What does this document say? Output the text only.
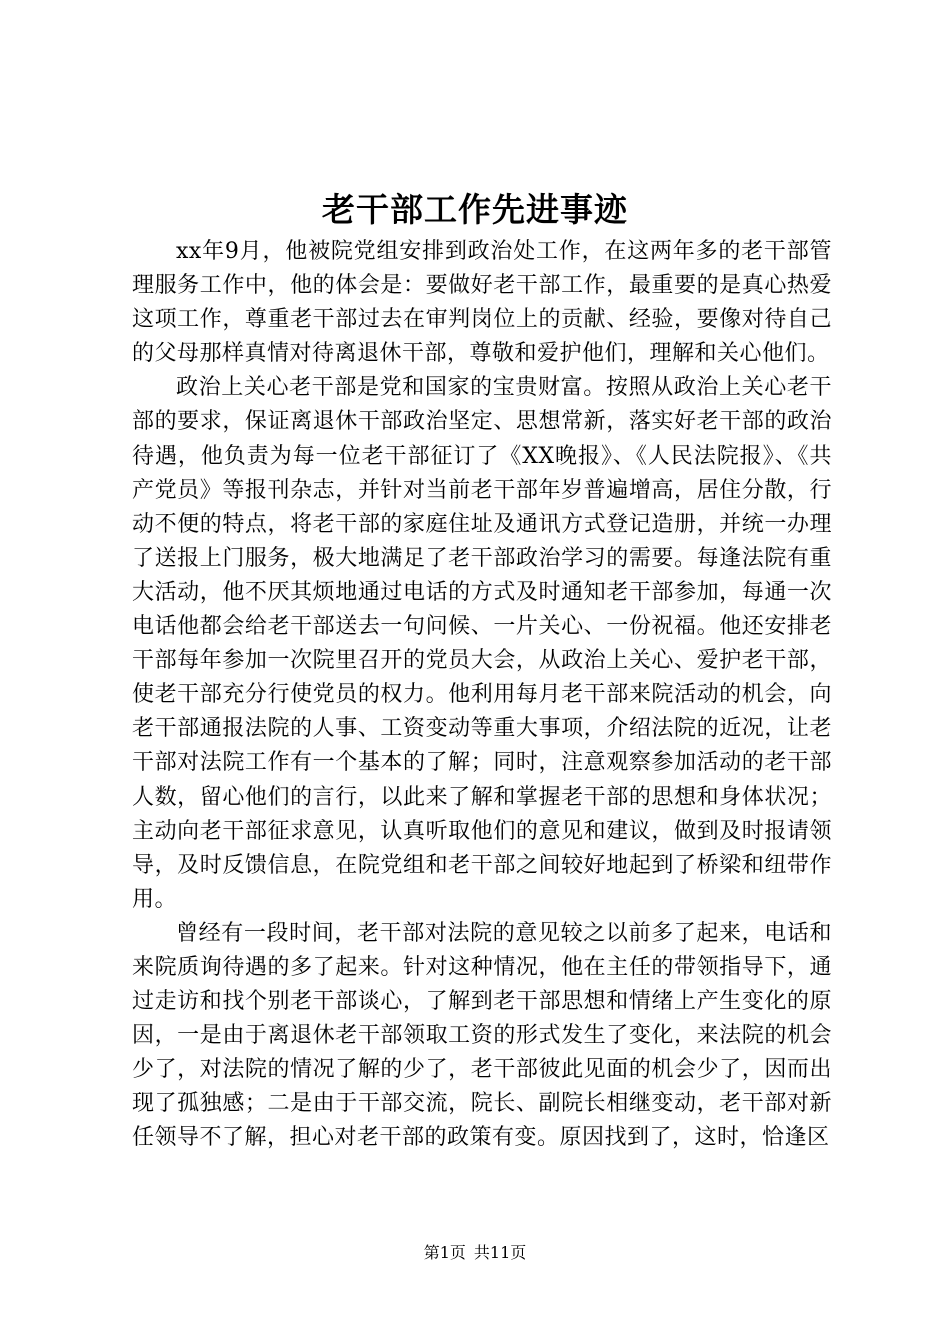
老干部工作先进事迹

xx年9月，他被院党组安排到政治处工作，在这两年多的老干部管理服务工作中，他的体会是：要做好老干部工作，最重要的是真心热爱这项工作，尊重老干部过去在审判岗位上的贡献、经验，要像对待自己的父母那样真情对待离退休干部，尊敬和爱护他们，理解和关心他们。

政治上关心老干部是党和国家的宝贵财富。按照从政治上关心老干部的要求，保证离退休干部政治坚定、思想常新，落实好老干部的政治待遇，他负责为每一位老干部征订了《XX晚报》、《人民法院报》、《共产党员》等报刊杂志，并针对当前老干部年岁普遍增高，居住分散，行动不便的特点，将老干部的家庭住址及通讯方式登记造册，并统一办理了送报上门服务，极大地满足了老干部政治学习的需要。每逢法院有重大活动，他不厌其烦地通过电话的方式及时通知老干部参加，每通一次电话他都会给老干部送去一句问候、一片关心、一份祝福。他还安排老干部每年参加一次院里召开的党员大会，从政治上关心、爱护老干部，使老干部充分行使党员的权力。他利用每月老干部来院活动的机会，向老干部通报法院的人事、工资变动等重大事项，介绍法院的近况，让老干部对法院工作有一个基本的了解；同时，注意观察参加活动的老干部人数，留心他们的言行，以此来了解和掌握老干部的思想和身体状况；主动向老干部征求意见，认真听取他们的意见和建议，做到及时报请领导，及时反馈信息，在院党组和老干部之间较好地起到了桥梁和纽带作用。

曾经有一段时间，老干部对法院的意见较之以前多了起来，电话和来院质询待遇的多了起来。针对这种情况，他在主任的带领指导下，通过走访和找个别老干部谈心，了解到老干部思想和情绪上产生变化的原因，一是由于离退休老干部领取工资的形式发生了变化，来法院的机会少了，对法院的情况了解的少了，老干部彼此见面的机会少了，因而出现了孤独感；二是由于干部交流，院长、副院长相继变动，老干部对新任领导不了解，担心对老干部的政策有变。原因找到了，这时，恰逢区

第1页 共11页
